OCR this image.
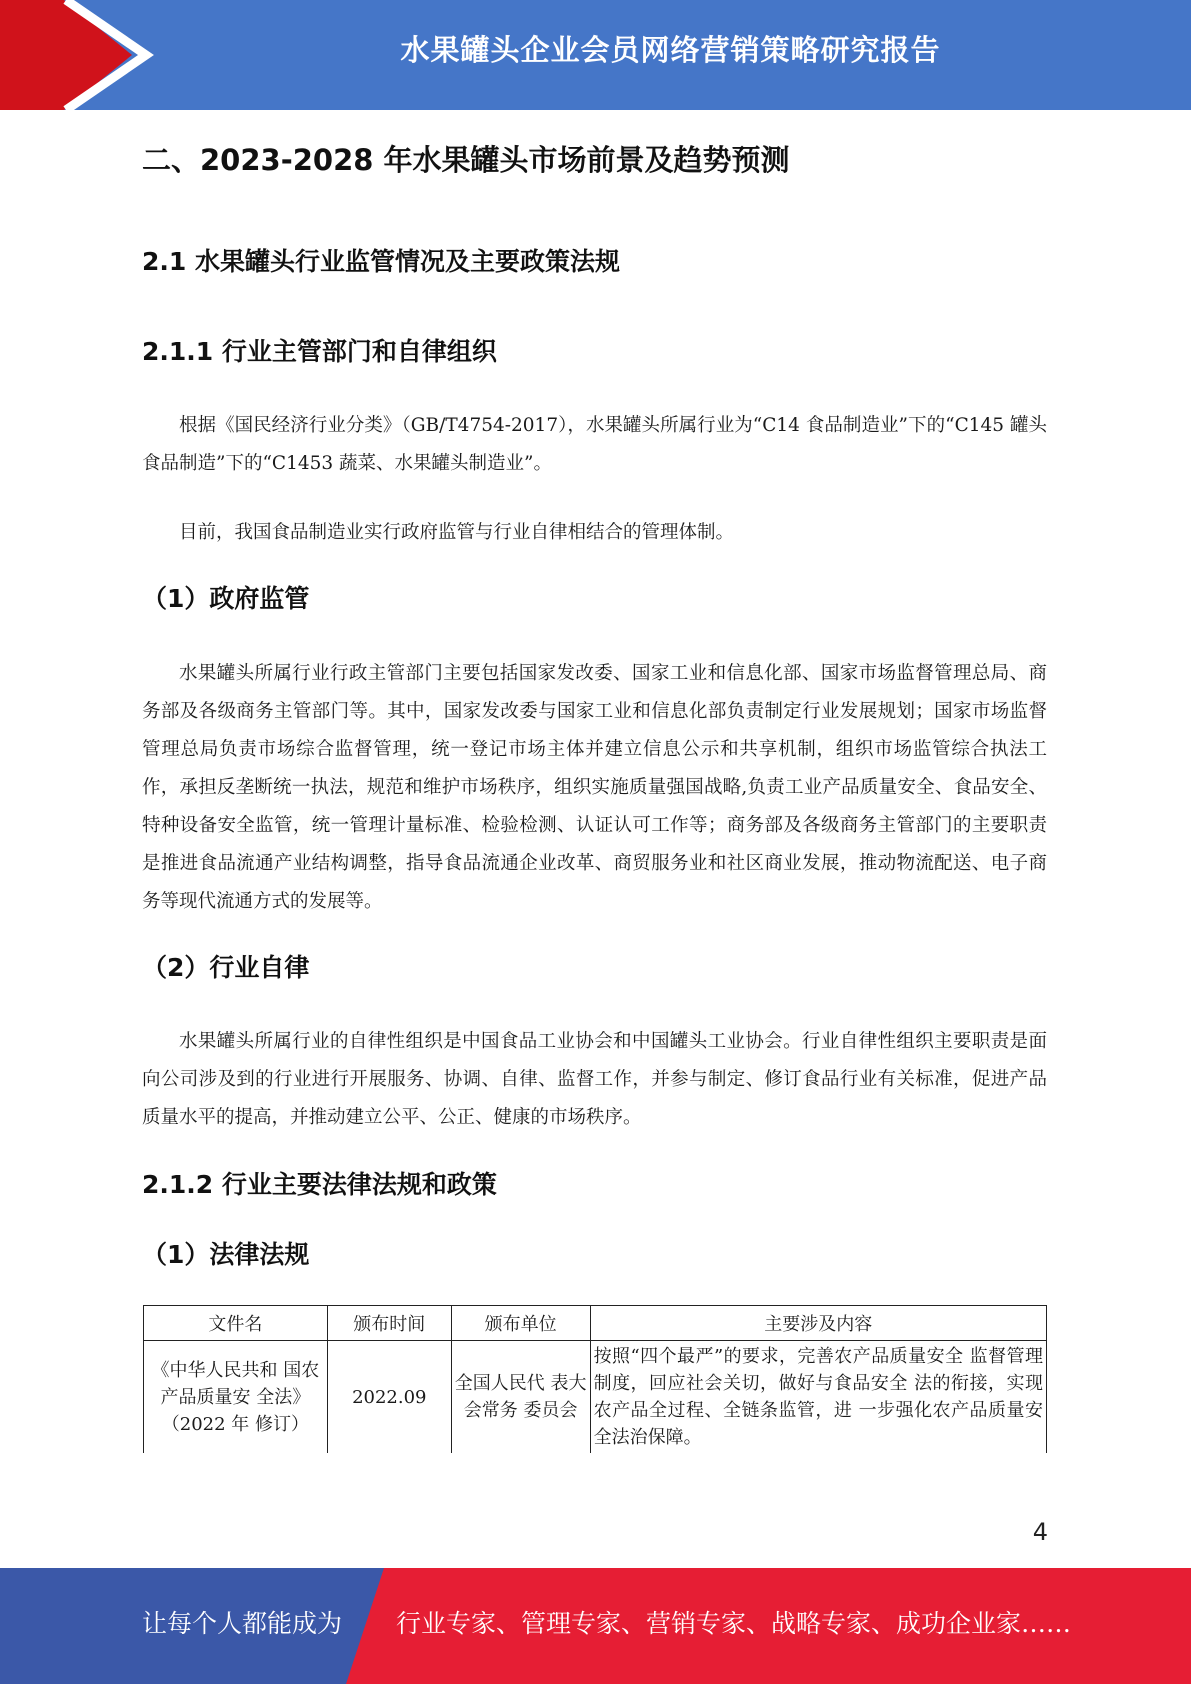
水果罐头企业会员网络营销策略研究报告
二、2023-2028 年水果罐头市场前景及趋势预测
2.1 水果罐头行业监管情况及主要政策法规
2.1.1 行业主管部门和自律组织

根据《国民经济行业分类》（GB/T4754-2017），水果罐头所属行业为“C14 食品制造业”下的“C145 罐头食品制造”下的“C1453 蔬菜、水果罐头制造业”。

目前，我国食品制造业实行政府监管与行业自律相结合的管理体制。

（1）政府监管

水果罐头所属行业行政主管部门主要包括国家发改委、国家工业和信息化部、国家市场监督管理总局、商务部及各级商务主管部门等。其中，国家发改委与国家工业和信息化部负责制定行业发展规划；国家市场监督管理总局负责市场综合监督管理，统一登记市场主体并建立信息公示和共享机制，组织市场监管综合执法工作，承担反垄断统一执法，规范和维护市场秩序，组织实施质量强国战略,负责工业产品质量安全、食品安全、特种设备安全监管，统一管理计量标准、检验检测、认证认可工作等；商务部及各级商务主管部门的主要职责是推进食品流通产业结构调整，指导食品流通企业改革、商贸服务业和社区商业发展，推动物流配送、电子商务等现代流通方式的发展等。

（2）行业自律

水果罐头所属行业的自律性组织是中国食品工业协会和中国罐头工业协会。行业自律性组织主要职责是面向公司涉及到的行业进行开展服务、协调、自律、监督工作，并参与制定、修订食品行业有关标准，促进产品质量水平的提高，并推动建立公平、公正、健康的市场秩序。

2.1.2 行业主要法律法规和政策
（1）法律法规
文件名	颁布时间	颁布单位	主要涉及内容
《中华人民共和 国农产品质量安 全法》（2022 年 修订）	2022.09	全国人民代 表大会常务 委员会	按照“四个最严”的要求，完善农产品质量安全 监督管理制度，回应社会关切，做好与食品安全 法的衔接，实现农产品全过程、全链条监管，进 一步强化农产品质量安全法治保障。
4
让每个人都能成为 行业专家、管理专家、营销专家、战略专家、成功企业家……
